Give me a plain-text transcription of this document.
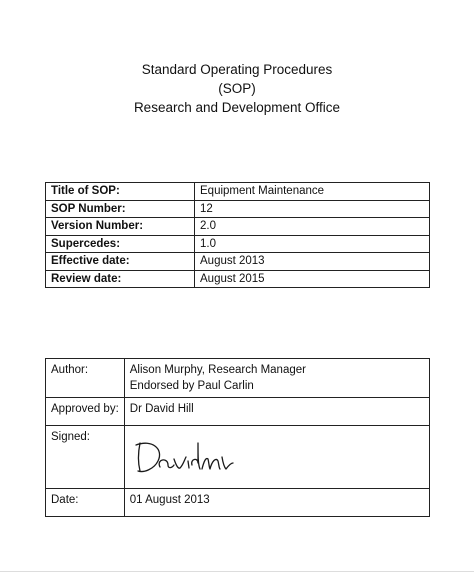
Standard Operating Procedures
(SOP)
Research and Development Office
Title of SOP:	Equipment Maintenance
SOP Number:	12
Version Number:	2.0
Supercedes:	1.0
Effective date:	August 2013
Review date:	August 2015
Author:	Alison Murphy, Research Manager
Endorsed by Paul Carlin

Approved by:	Dr David Hill
Signed:	

Date:	01 August 2013
